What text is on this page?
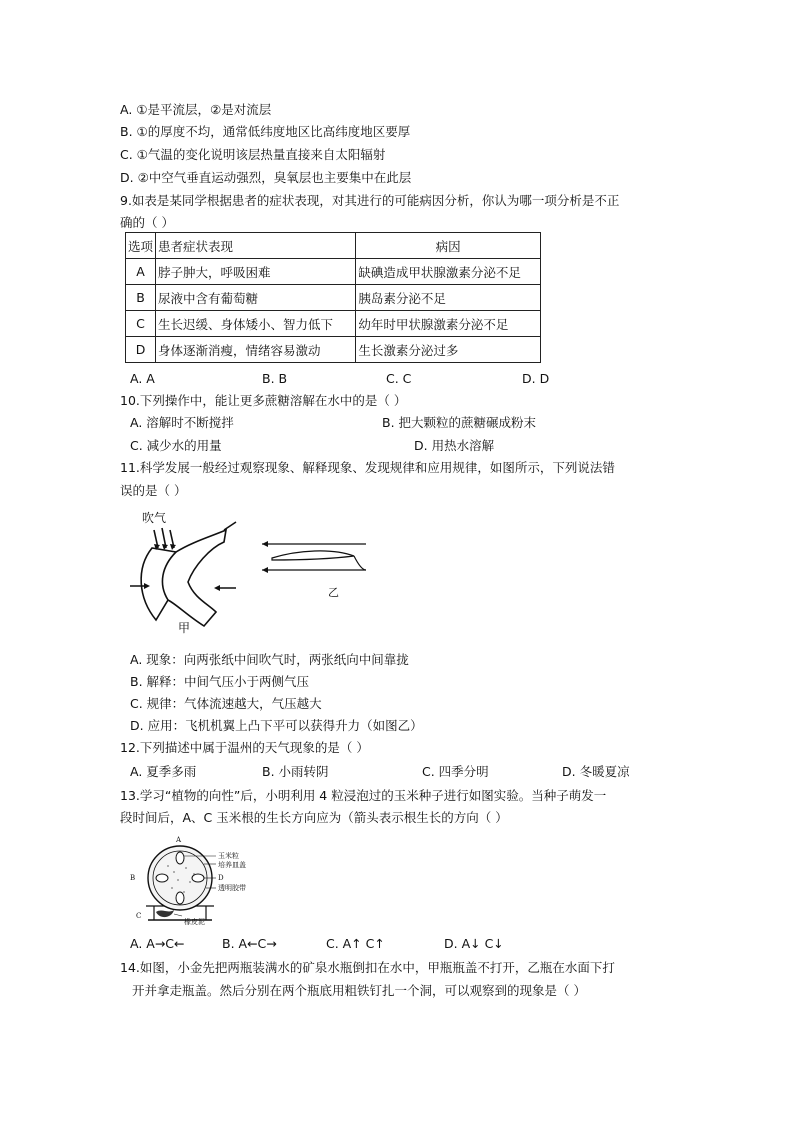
A. ①是平流层，②是对流层
B. ①的厚度不均，通常低纬度地区比高纬度地区要厚
C. ①气温的变化说明该层热量直接来自太阳辐射
D. ②中空气垂直运动强烈，臭氧层也主要集中在此层
9.如表是某同学根据患者的症状表现，对其进行的可能病因分析，你认为哪一项分析是不正
确的（ ）
选项	患者症状表现	病因
A	脖子肿大，呼吸困难	缺碘造成甲状腺激素分泌不足
B	尿液中含有葡萄糖	胰岛素分泌不足
C	生长迟缓、身体矮小、智力低下	幼年时甲状腺激素分泌不足
D	身体逐渐消瘦，情绪容易激动	生长激素分泌过多
A. A	B. B	C. C	D. D
10.下列操作中，能让更多蔗糖溶解在水中的是（ ）
A. 溶解时不断搅拌	B. 把大颗粒的蔗糖碾成粉末
C. 减少水的用量	D. 用热水溶解
11.科学发展一般经过观察现象、解释现象、发现规律和应用规律，如图所示，下列说法错
误的是（ ）
吹气
甲
乙
A. 现象：向两张纸中间吹气时，两张纸向中间靠拢
B. 解释：中间气压小于两侧气压
C. 规律：气体流速越大，气压越大
D. 应用：飞机机翼上凸下平可以获得升力（如图乙）
12.下列描述中属于温州的天气现象的是（ ）
A. 夏季多雨	B. 小雨转阴	C. 四季分明	D. 冬暖夏凉
13.学习“植物的向性”后，小明利用 4 粒浸泡过的玉米种子进行如图实验。当种子萌发一
段时间后，A、C 玉米根的生长方向应为（箭头表示根生长的方向（ ）
A
B
C
玉米粒
培养皿盖
D
透明胶带
橡皮泥
A. A→C←	B. A←C→	C. A↑ C↑	D. A↓ C↓
14.如图，小金先把两瓶装满水的矿泉水瓶倒扣在水中，甲瓶瓶盖不打开，乙瓶在水面下打
开并拿走瓶盖。然后分别在两个瓶底用粗铁钉扎一个洞，可以观察到的现象是（ ）
